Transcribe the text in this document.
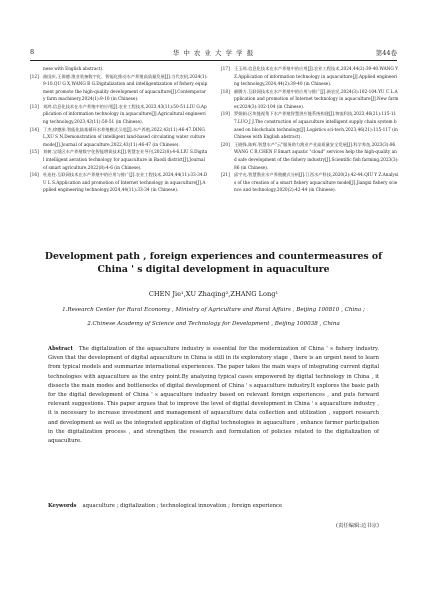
8	华 中 农 业 大 学 学 报	第44卷
nese with English abstract).
[12] 曲国庆,王保德.渔业装备数字化、智能化推动水产养殖高质量发展[J].当代农机,2024(1):9-10.QU G X,WANG B G.Digitalization and intelligentization of fishery equipment promote the high-quality development of aquaculture[J].Contemporary farm machinery,2024(1):9-10 (in Chinese).
[13] 刘鸿.信息化技术在水产养殖中的应用[J].农业工程技术,2023,43(11):50-51.LIU G.Application of information technology in aquaculture[J].Agricultural engineering technology,2023,43(11):50-51 (in Chinese).
[14] 丁杰,徐德淞.智能化陆基循环水养殖模式示范[J].水产养殖,2022,43(11):46-47.DING L,XU S N.Demonstration of intelligent land-based circulating water culture mode[J].Journal of aquaculture,2022,43(11):46-47 (in Chinese).
[15] 刘树.宝坻区水产养殖数字化智能增氧技术[J].智慧农业导刊,2022(8):4-6.LIU S.Digital intelligent aeration technology for aquaculture in Baodi district[J].Journal of smart agriculture,2022(8):4-6 (in Chinese).
[16] 杜连柱.互联网技术在水产养殖中的应用与推广[J].农业工程技术,2024,44(11):33-34.DU L S.Application and promotion of Internet technology in aquaculture[J].Applied engineering technology,2024,44(11):33-34 (in Chinese).
[17] 王玉琼.信息化技术在水产养殖中的应用[J].农业工程技术,2024,44(2):39-40.WANG Y Z.Application of information technology in aquaculture[J].Applied engineering technology,2024,44(2):39-40 (in Chinese).
[18] 颜腾力.互联网技术在水产养殖中的应用与推广[J].新农民,2024(3):102-104.YU C L.Application and promotion of Internet technology in aquaculture[J].New farmer,2024(3):102-104 (in Chinese).
[19] 罗娟娟.区块链视角下水产养殖智慧供应链系统构建[J].物流科技,2023,46(21):115-117.LUO J J.The construction of aquaculture intelligent supply chain system based on blockchain technology[J].Logistics sci-tech,2023,46(21):115-117 (in Chinese with English abstract).
[20] 王晓锋,陈辉.智慧水产"云"服务助力渔业产业高质量安全发展[J].科学养鱼,2023(3):86.WANG C R,CHEN F.Smart aquatic "cloud" services help the high-quality and safe development of the fishery industry[J].Scientific fish farming,2023(3):86 (in Chinese).
[21] 邱宇光.智慧渔业水产养殖模式分析[J].江西水产科技,2020(2):42-44.QIU Y Z.Analysis of the creation of a smart fishery aquaculture model[J].Jiangxi fishery science and technology,2020(2):42-44 (in Chinese).
Development path , foreign experiences and countermeasures of
China ' s digital development in aquaculture
CHEN Jie¹,XU Zhaqing²,ZHANG Long¹
1.Research Center for Rural Economy , Ministry of Agriculture and Rural Affairs , Beijing 100810 , China ;
2.Chinese Academy of Science and Technology for Development , Beijing 100038 , China
Abstract The digitalization of the aquaculture industry is essential for the modernization of China ' s fishery industry. Given that the development of digital aquaculture in China is still in its exploratory stage , there is an urgent need to learn from typical models and summarize international experiences. The paper takes the main ways of integrating current digital technologies with aquaculture as the entry point.By analyzing typical cases empowered by digital technology in China , it dissects the main modes and bottlenecks of digital development of China ' s aquaculture industry.It explores the basic path for the digital development of China ' s aquaculture industry based on relevant foreign experiences , and puts forward relevant suggestions. This paper argues that to improve the level of digital development in China ' s aquaculture industry , it is necessary to increase investment and management of aquaculture data collection and utilization , support research and development as well as the integrated application of digital technologies in aquaculture , enhance farmer participation in the digitalization process , and strengthen the research and formulation of policies related to the digitalization of aquaculture.
Keywords aquaculture ; digitalization ; technological innovation ; foreign experience
(责任编辑:边书京)
